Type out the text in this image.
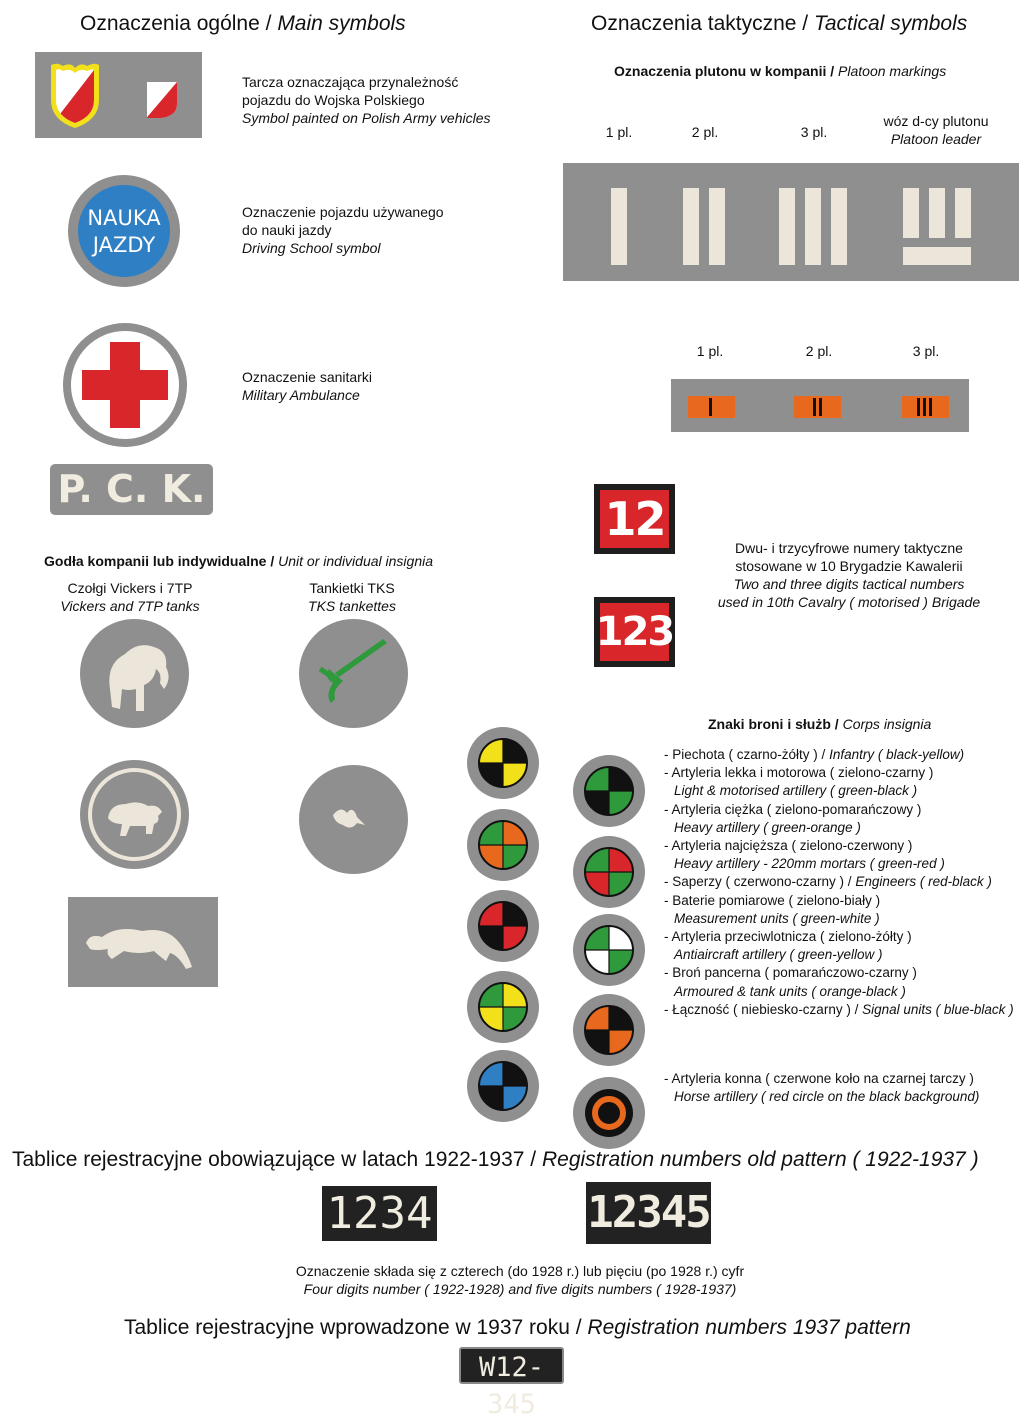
Oznaczenia ogólne / Main symbols
Tarcza oznaczająca przynależność
pojazdu do Wojska Polskiego
Symbol painted on Polish Army vehicles
NAUKA
JAZDY
Oznaczenie pojazdu używanego
do nauki jazdy
Driving School symbol
Oznaczenie sanitarki
Military Ambulance
P. C. K.
Godła kompanii lub indywidualne / Unit or individual insignia
Czołgi Vickers i 7TP
Vickers and 7TP tanks
Tankietki TKS
TKS tankettes
Oznaczenia taktyczne / Tactical symbols
Oznaczenia plutonu w kompanii / Platoon markings
1 pl.	2 pl.	3 pl.
wóz d-cy plutonu
Platoon leader
1 pl.	2 pl.	3 pl.
12
123
Dwu- i trzycyfrowe numery taktyczne
stosowane w 10 Brygadzie Kawalerii
Two and three digits tactical numbers
used in 10th Cavalry ( motorised ) Brigade
Znaki broni i służb / Corps insignia
- Piechota ( czarno-żółty ) / Infantry ( black-yellow)
- Artyleria lekka i motorowa ( zielono-czarny )
Light & motorised artillery ( green-black )
- Artyleria ciężka ( zielono-pomarańczowy )
Heavy artillery ( green-orange )
- Artyleria najcięższa ( zielono-czerwony )
Heavy artillery - 220mm mortars ( green-red )
- Saperzy ( czerwono-czarny ) / Engineers ( red-black )
- Baterie pomiarowe ( zielono-biały )
Measurement units ( green-white )
- Artyleria przeciwlotnicza ( zielono-żółty )
Antiaircraft artillery ( green-yellow )
- Broń pancerna ( pomarańczowo-czarny )
Armoured & tank units ( orange-black )
- Łączność ( niebiesko-czarny ) / Signal units ( blue-black )
- Artyleria konna ( czerwone koło na czarnej tarczy )
Horse artillery ( red circle on the black background)
Tablice rejestracyjne obowiązujące w latach 1922-1937 / Registration numbers old pattern ( 1922-1937 )
1234	12345
Oznaczenie składa się z czterech (do 1928 r.) lub pięciu (po 1928 r.) cyfr
Four digits number ( 1922-1928) and five digits numbers ( 1928-1937)
Tablice rejestracyjne wprowadzone w 1937 roku / Registration numbers 1937 pattern
W12-345
